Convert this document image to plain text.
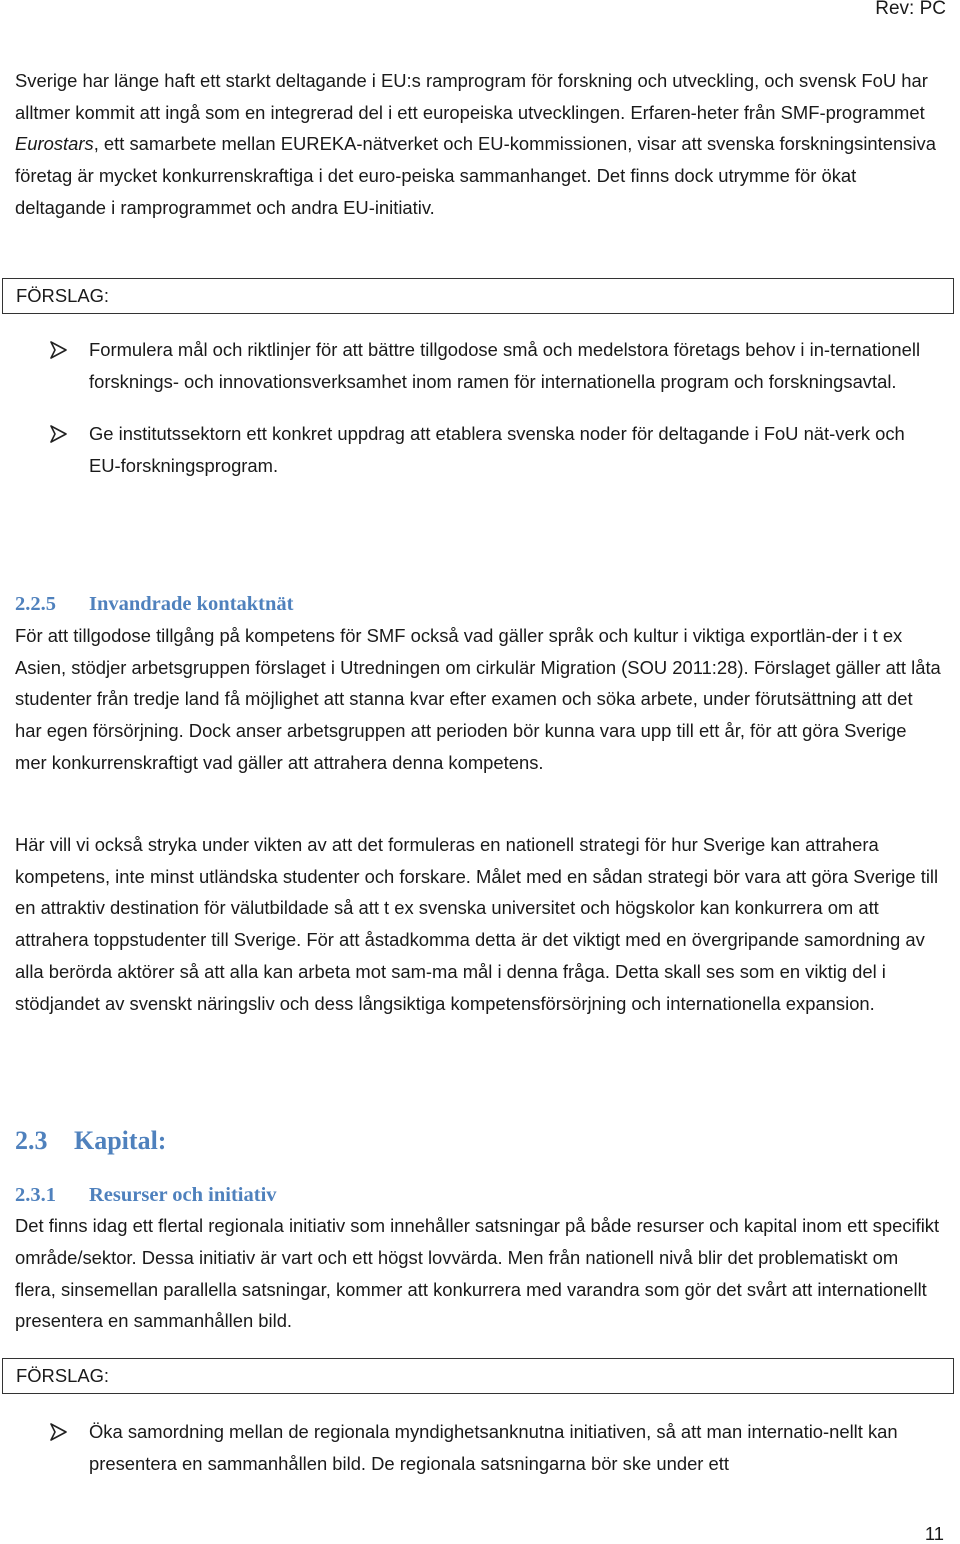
Rev: PC

Sverige har länge haft ett starkt deltagande i EU:s ramprogram för forskning och utveckling, och svensk FoU har alltmer kommit att ingå som en integrerad del i ett europeiska utvecklingen. Erfaren-heter från SMF-programmet Eurostars, ett samarbete mellan EUREKA-nätverket och EU-kommissionen, visar att svenska forskningsintensiva företag är mycket konkurrenskraftiga i det euro-peiska sammanhanget. Det finns dock utrymme för ökat deltagande i ramprogrammet och andra EU-initiativ.

FÖRSLAG:
Formulera mål och riktlinjer för att bättre tillgodose små och medelstora företags behov i in-ternationell forsknings- och innovationsverksamhet inom ramen för internationella program och forskningsavtal.
Ge institutssektorn ett konkret uppdrag att etablera svenska noder för deltagande i FoU nät-verk och EU-forskningsprogram.
2.2.5 Invandrade kontaktnät

För att tillgodose tillgång på kompetens för SMF också vad gäller språk och kultur i viktiga exportlän-der i t ex Asien, stödjer arbetsgruppen förslaget i Utredningen om cirkulär Migration (SOU 2011:28). Förslaget gäller att låta studenter från tredje land få möjlighet att stanna kvar efter examen och söka arbete, under förutsättning att det har egen försörjning. Dock anser arbetsgruppen att perioden bör kunna vara upp till ett år, för att göra Sverige mer konkurrenskraftigt vad gäller att attrahera denna kompetens.

Här vill vi också stryka under vikten av att det formuleras en nationell strategi för hur Sverige kan attrahera kompetens, inte minst utländska studenter och forskare. Målet med en sådan strategi bör vara att göra Sverige till en attraktiv destination för välutbildade så att t ex svenska universitet och högskolor kan konkurrera om att attrahera toppstudenter till Sverige. För att åstadkomma detta är det viktigt med en övergripande samordning av alla berörda aktörer så att alla kan arbeta mot sam-ma mål i denna fråga. Detta skall ses som en viktig del i stödjandet av svenskt näringsliv och dess långsiktiga kompetensförsörjning och internationella expansion.

2.3 Kapital:
2.3.1 Resurser och initiativ

Det finns idag ett flertal regionala initiativ som innehåller satsningar på både resurser och kapital inom ett specifikt område/sektor. Dessa initiativ är vart och ett högst lovvärda. Men från nationell nivå blir det problematiskt om flera, sinsemellan parallella satsningar, kommer att konkurrera med varandra som gör det svårt att internationellt presentera en sammanhållen bild.

FÖRSLAG:
Öka samordning mellan de regionala myndighetsanknutna initiativen, så att man internatio-nellt kan presentera en sammanhållen bild. De regionala satsningarna bör ske under ett
11
